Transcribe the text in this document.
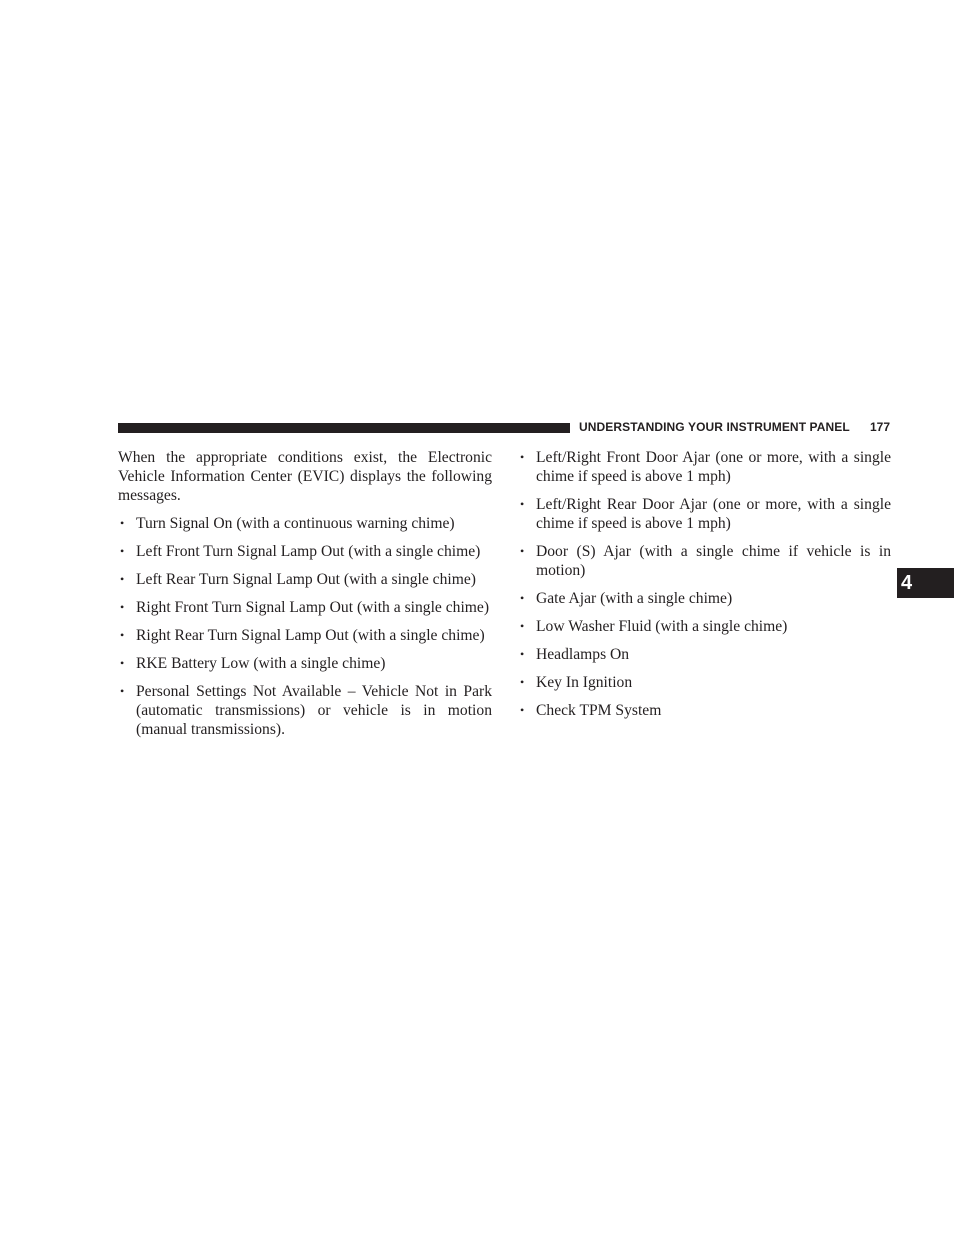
UNDERSTANDING YOUR INSTRUMENT PANEL 177
4

When the appropriate conditions exist, the Electronic Vehicle Information Center (EVIC) displays the following messages.

• Turn Signal On (with a continuous warning chime)
• Left Front Turn Signal Lamp Out (with a single chime)
• Left Rear Turn Signal Lamp Out (with a single chime)
• Right Front Turn Signal Lamp Out (with a single chime)
• Right Rear Turn Signal Lamp Out (with a single chime)
• RKE Battery Low (with a single chime)
• Personal Settings Not Available – Vehicle Not in Park (automatic transmissions) or vehicle is in motion (manual transmissions).
• Left/Right Front Door Ajar (one or more, with a single chime if speed is above 1 mph)
• Left/Right Rear Door Ajar (one or more, with a single chime if speed is above 1 mph)
• Door (S) Ajar (with a single chime if vehicle is in motion)
• Gate Ajar (with a single chime)
• Low Washer Fluid (with a single chime)
• Headlamps On
• Key In Ignition
• Check TPM System
